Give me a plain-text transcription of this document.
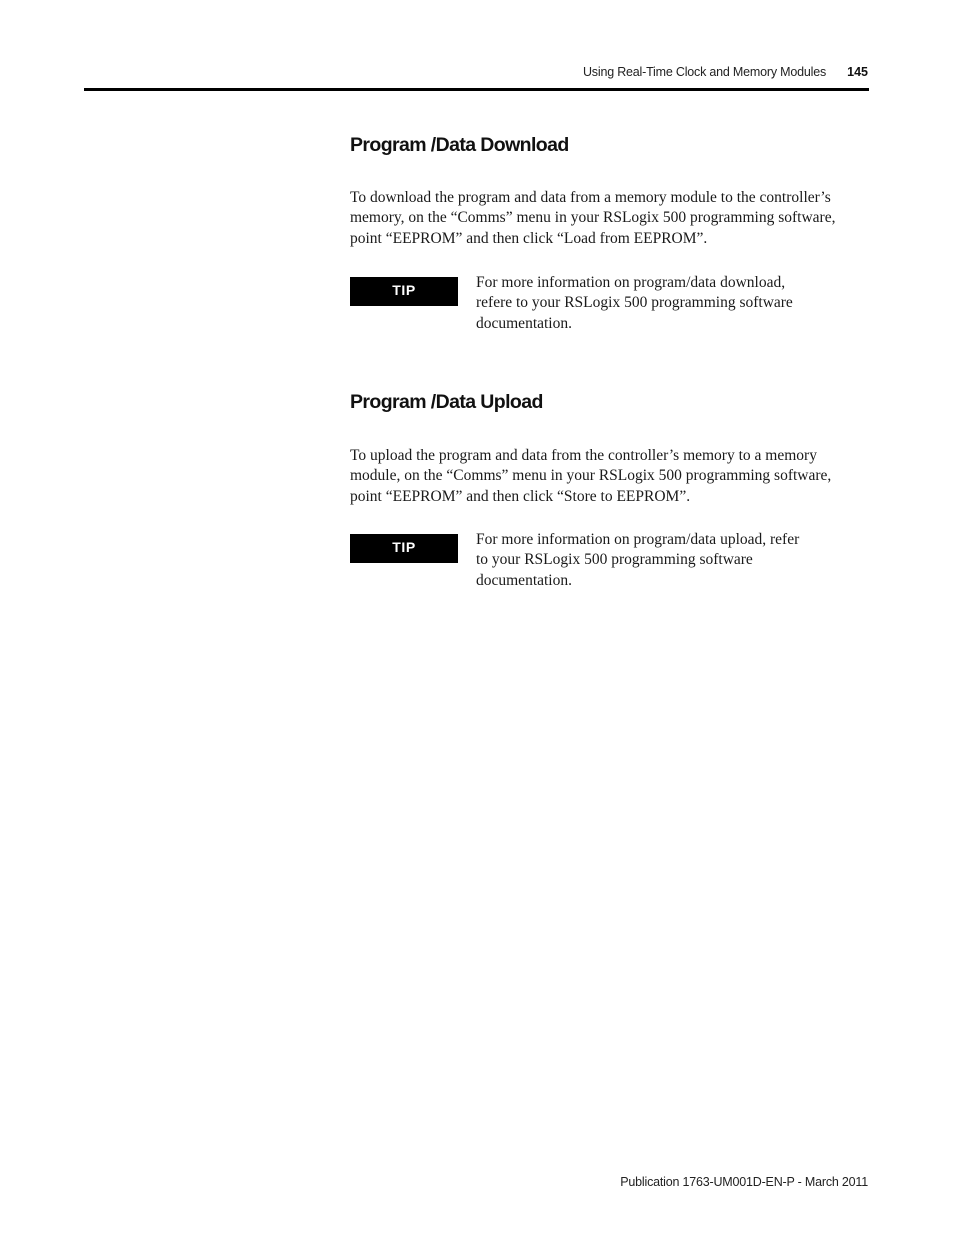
Using Real-Time Clock and Memory Modules 145
Program /Data Download

To download the program and data from a memory module to the controller’s
memory, on the “Comms” menu in your RSLogix 500 programming software,
point “EEPROM” and then click “Load from EEPROM”.

TIP	For more information on program/data download,
refere to your RSLogix 500 programming software
documentation.

Program /Data Upload

To upload the program and data from the controller’s memory to a memory
module, on the “Comms” menu in your RSLogix 500 programming software,
point “EEPROM” and then click “Store to EEPROM”.

TIP	For more information on program/data upload, refer
to your RSLogix 500 programming software
documentation.

Publication 1763-UM001D-EN-P - March 2011
